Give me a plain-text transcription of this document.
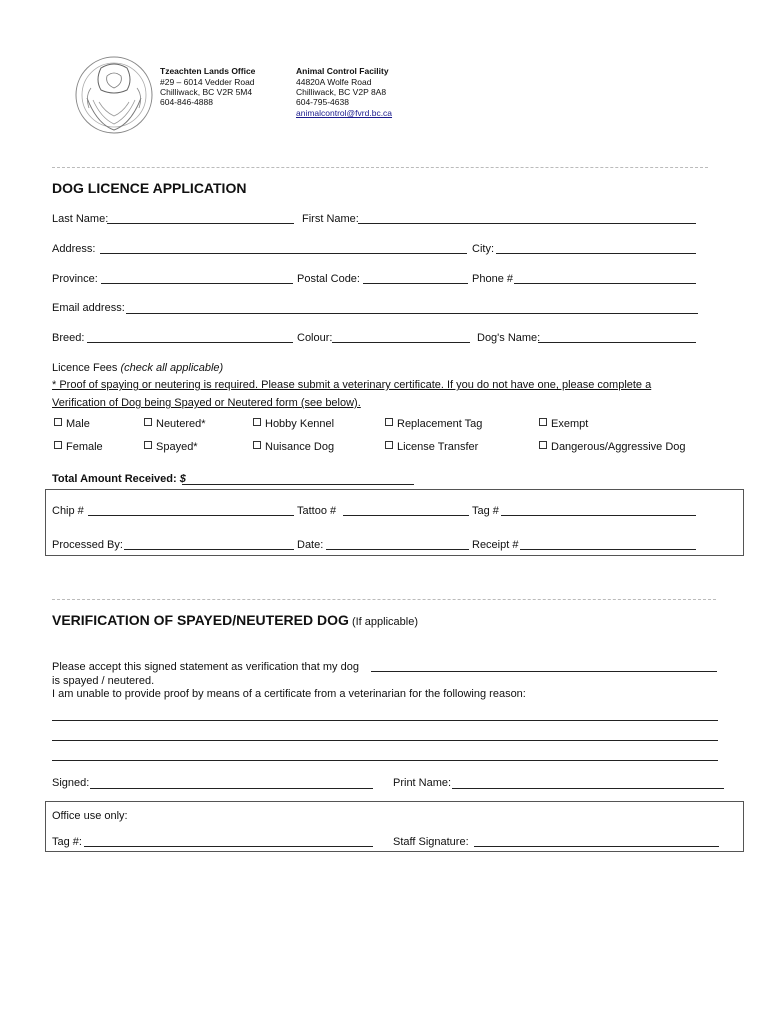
Tzeachten Lands Office
#29 – 6014 Vedder Road
Chilliwack, BC V2R 5M4
604-846-4888
Animal Control Facility
44820A Wolfe Road
Chilliwack, BC V2P 8A8
604-795-4638
animalcontrol@fvrd.bc.ca
DOG LICENCE APPLICATION
Last Name:	First Name:
Address:	City:
Province:	Postal Code:	Phone #
Email address:
Breed:	Colour:	Dog's Name:
Licence Fees (check all applicable)
* Proof of spaying or neutering is required. Please submit a veterinary certificate. If you do not have one, please complete a
Verification of Dog being Spayed or Neutered form (see below).
Male	Neutered*	Hobby Kennel	Replacement Tag	Exempt
Female	Spayed*	Nuisance Dog	License Transfer	Dangerous/Aggressive Dog
Total Amount Received: $
Chip #	Tattoo #	Tag #
Processed By:	Date:	Receipt #
VERIFICATION OF SPAYED/NEUTERED DOG (If applicable)
Please accept this signed statement as verification that my dog
is spayed / neutered.
I am unable to provide proof by means of a certificate from a veterinarian for the following reason:
Signed:	Print Name:
Office use only:
Tag #:	Staff Signature:
